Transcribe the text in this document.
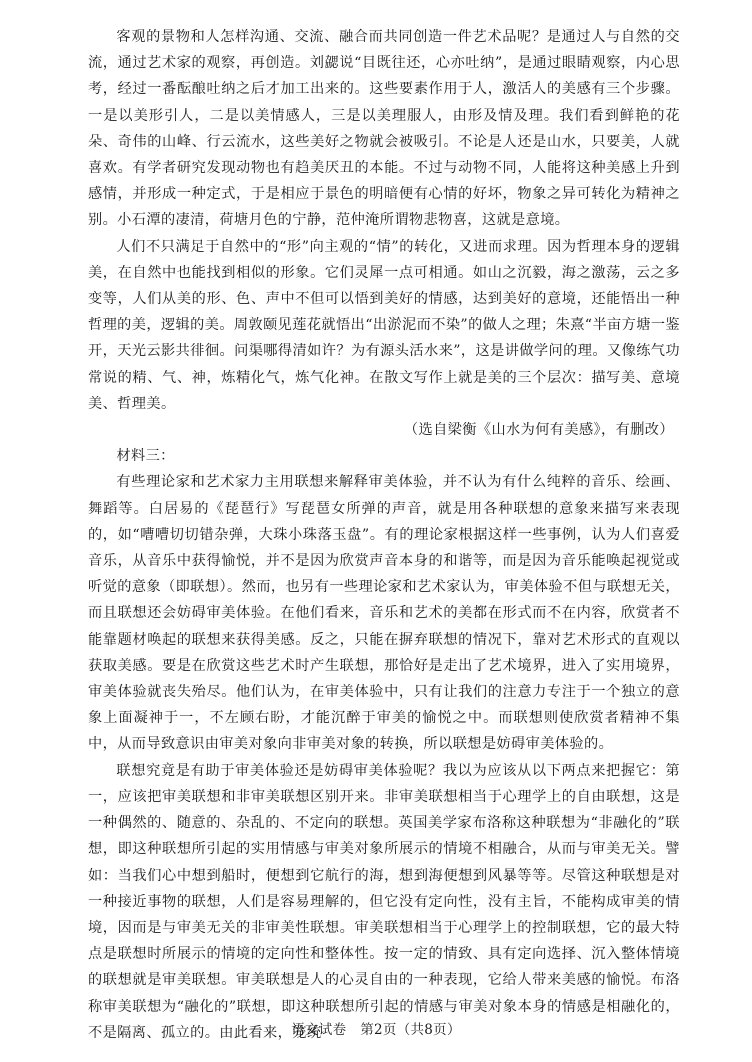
客观的景物和人怎样沟通、交流、融合而共同创造一件艺术品呢？是通过人与自然的交流，通过艺术家的观察，再创造。刘勰说“目既往还，心亦吐纳”，是通过眼睛观察，内心思考，经过一番酝酿吐纳之后才加工出来的。这些要素作用于人，激活人的美感有三个步骤。一是以美形引人，二是以美情感人，三是以美理服人，由形及情及理。我们看到鲜艳的花朵、奇伟的山峰、行云流水，这些美好之物就会被吸引。不论是人还是山水，只要美，人就喜欢。有学者研究发现动物也有趋美厌丑的本能。不过与动物不同，人能将这种美感上升到感情，并形成一种定式，于是相应于景色的明暗便有心情的好坏，物象之异可转化为精神之别。小石潭的凄清，荷塘月色的宁静，范仲淹所谓物悲物喜，这就是意境。

人们不只满足于自然中的“形”向主观的“情”的转化，又进而求理。因为哲理本身的逻辑美，在自然中也能找到相似的形象。它们灵犀一点可相通。如山之沉毅，海之激荡，云之多变等，人们从美的形、色、声中不但可以悟到美好的情感，达到美好的意境，还能悟出一种哲理的美，逻辑的美。周敦颐见莲花就悟出“出淤泥而不染”的做人之理；朱熹“半亩方塘一鉴开，天光云影共徘徊。问渠哪得清如许？为有源头活水来”，这是讲做学问的理。又像练气功常说的精、气、神，炼精化气，炼气化神。在散文写作上就是美的三个层次：描写美、意境美、哲理美。

（选自梁衡《山水为何有美感》，有删改）

材料三：

有些理论家和艺术家力主用联想来解释审美体验，并不认为有什么纯粹的音乐、绘画、舞蹈等。白居易的《琵琶行》写琵琶女所弹的声音，就是用各种联想的意象来描写来表现的，如“嘈嘈切切错杂弹，大珠小珠落玉盘”。有的理论家根据这样一些事例，认为人们喜爱音乐，从音乐中获得愉悦，并不是因为欣赏声音本身的和谐等，而是因为音乐能唤起视觉或听觉的意象（即联想）。然而，也另有一些理论家和艺术家认为，审美体验不但与联想无关，而且联想还会妨碍审美体验。在他们看来，音乐和艺术的美都在形式而不在内容，欣赏者不能靠题材唤起的联想来获得美感。反之，只能在摒弃联想的情况下，靠对艺术形式的直观以获取美感。要是在欣赏这些艺术时产生联想，那恰好是走出了艺术境界，进入了实用境界，审美体验就丧失殆尽。他们认为，在审美体验中，只有让我们的注意力专注于一个独立的意象上面凝神于一，不左顾右盼，才能沉醉于审美的愉悦之中。而联想则使欣赏者精神不集中，从而导致意识由审美对象向非审美对象的转换，所以联想是妨碍审美体验的。

联想究竟是有助于审美体验还是妨碍审美体验呢？我以为应该从以下两点来把握它：第一，应该把审美联想和非审美联想区别开来。非审美联想相当于心理学上的自由联想，这是一种偶然的、随意的、杂乱的、不定向的联想。英国美学家布洛称这种联想为“非融化的”联想，即这种联想所引起的实用情感与审美对象所展示的情境不相融合，从而与审美无关。譬如：当我们心中想到船时，便想到它航行的海，想到海便想到风暴等等。尽管这种联想是对一种接近事物的联想，人们是容易理解的，但它没有定向性，没有主旨，不能构成审美的情境，因而是与审美无关的非审美性联想。审美联想相当于心理学上的控制联想，它的最大特点是联想时所展示的情境的定向性和整体性。按一定的情致、具有定向选择、沉入整体情境的联想就是审美联想。审美联想是人的心灵自由的一种表现，它给人带来美感的愉悦。布洛称审美联想为“融化的”联想，即这种联想所引起的情感与审美对象本身的情感是相融化的，不是隔离、孤立的。由此看来，笼统

语文试卷　第2页（共8页）
